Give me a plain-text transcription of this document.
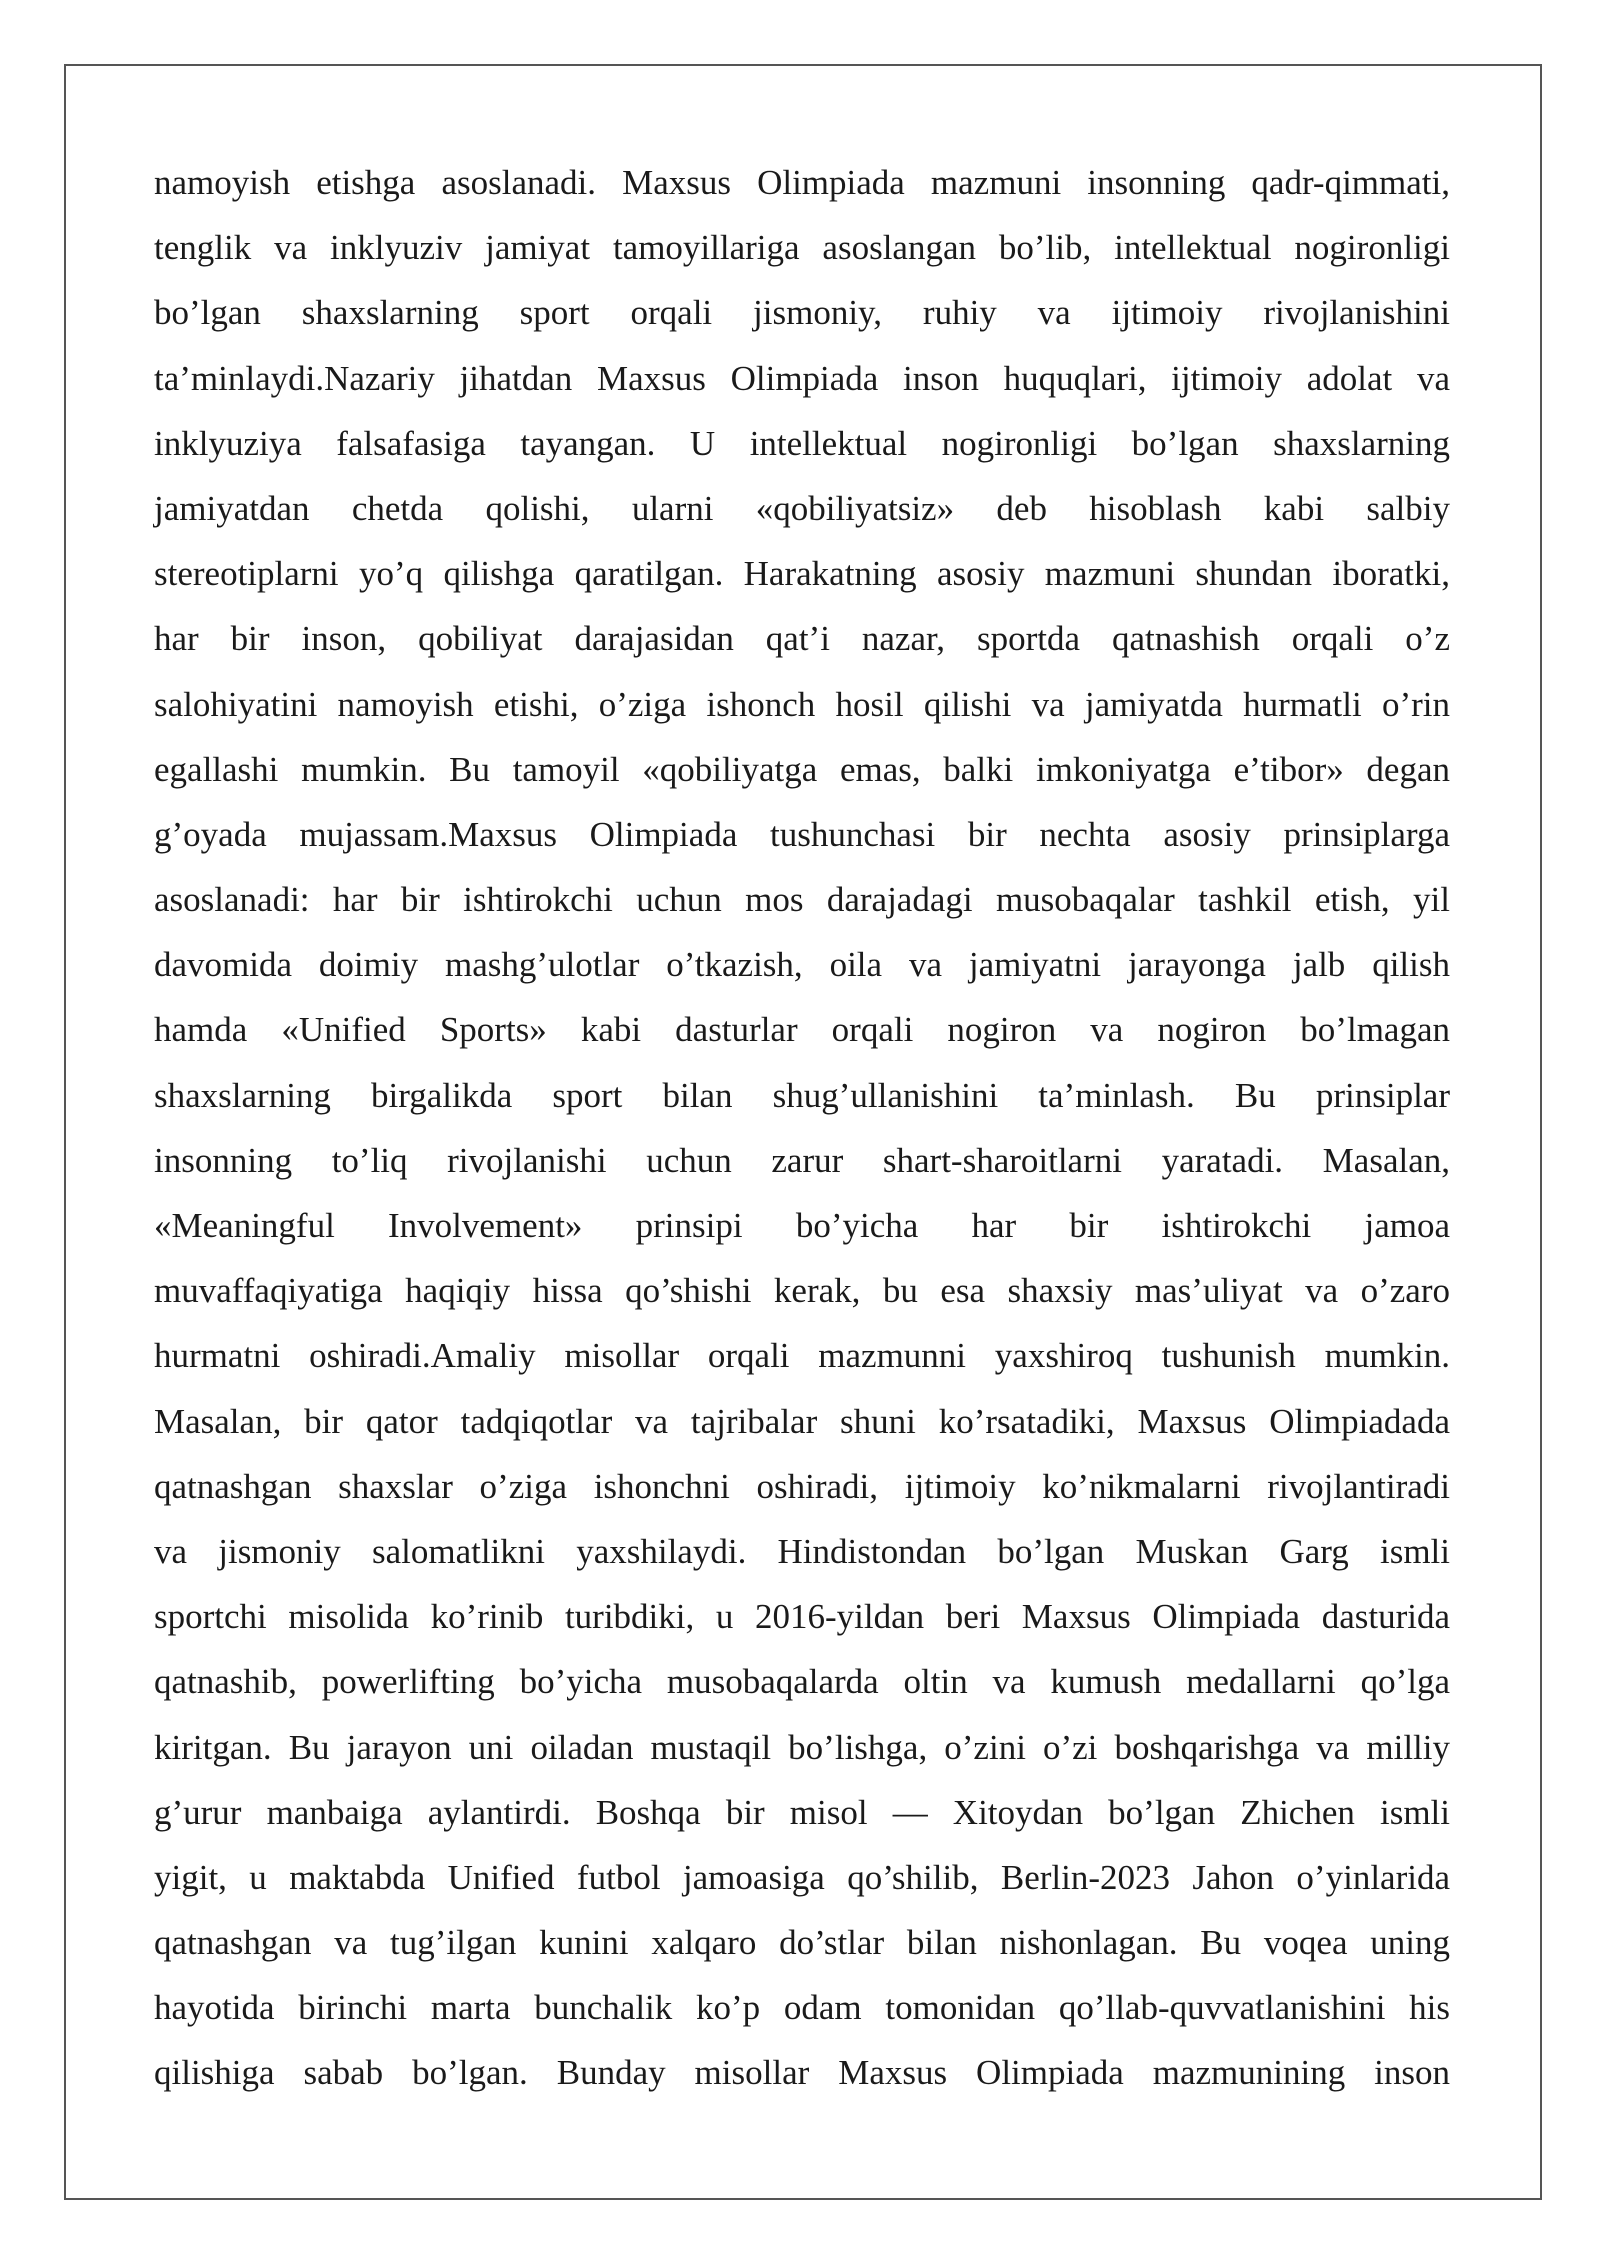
namoyish etishga asoslanadi. Maxsus Olimpiada mazmuni insonning qadr-qimmati,
tenglik va inklyuziv jamiyat tamoyillariga asoslangan bo’lib, intellektual nogironligi
bo’lgan shaxslarning sport orqali jismoniy, ruhiy va ijtimoiy rivojlanishini
ta’minlaydi.Nazariy jihatdan Maxsus Olimpiada inson huquqlari, ijtimoiy adolat va
inklyuziya falsafasiga tayangan. U intellektual nogironligi bo’lgan shaxslarning
jamiyatdan chetda qolishi, ularni «qobiliyatsiz» deb hisoblash kabi salbiy
stereotiplarni yo’q qilishga qaratilgan. Harakatning asosiy mazmuni shundan iboratki,
har bir inson, qobiliyat darajasidan qat’i nazar, sportda qatnashish orqali o’z
salohiyatini namoyish etishi, o’ziga ishonch hosil qilishi va jamiyatda hurmatli o’rin
egallashi mumkin. Bu tamoyil «qobiliyatga emas, balki imkoniyatga e’tibor» degan
g’oyada mujassam.Maxsus Olimpiada tushunchasi bir nechta asosiy prinsiplarga
asoslanadi: har bir ishtirokchi uchun mos darajadagi musobaqalar tashkil etish, yil
davomida doimiy mashg’ulotlar o’tkazish, oila va jamiyatni jarayonga jalb qilish
hamda «Unified Sports» kabi dasturlar orqali nogiron va nogiron bo’lmagan
shaxslarning birgalikda sport bilan shug’ullanishini ta’minlash. Bu prinsiplar
insonning to’liq rivojlanishi uchun zarur shart-sharoitlarni yaratadi. Masalan,
«Meaningful Involvement» prinsipi bo’yicha har bir ishtirokchi jamoa
muvaffaqiyatiga haqiqiy hissa qo’shishi kerak, bu esa shaxsiy mas’uliyat va o’zaro
hurmatni oshiradi.Amaliy misollar orqali mazmunni yaxshiroq tushunish mumkin.
Masalan, bir qator tadqiqotlar va tajribalar shuni ko’rsatadiki, Maxsus Olimpiadada
qatnashgan shaxslar o’ziga ishonchni oshiradi, ijtimoiy ko’nikmalarni rivojlantiradi
va jismoniy salomatlikni yaxshilaydi. Hindistondan bo’lgan Muskan Garg ismli
sportchi misolida ko’rinib turibdiki, u 2016-yildan beri Maxsus Olimpiada dasturida
qatnashib, powerlifting bo’yicha musobaqalarda oltin va kumush medallarni qo’lga
kiritgan. Bu jarayon uni oiladan mustaqil bo’lishga, o’zini o’zi boshqarishga va milliy
g’urur manbaiga aylantirdi. Boshqa bir misol — Xitoydan bo’lgan Zhichen ismli
yigit, u maktabda Unified futbol jamoasiga qo’shilib, Berlin-2023 Jahon o’yinlarida
qatnashgan va tug’ilgan kunini xalqaro do’stlar bilan nishonlagan. Bu voqea uning
hayotida birinchi marta bunchalik ko’p odam tomonidan qo’llab-quvvatlanishini his
qilishiga sabab bo’lgan. Bunday misollar Maxsus Olimpiada mazmunining inson
